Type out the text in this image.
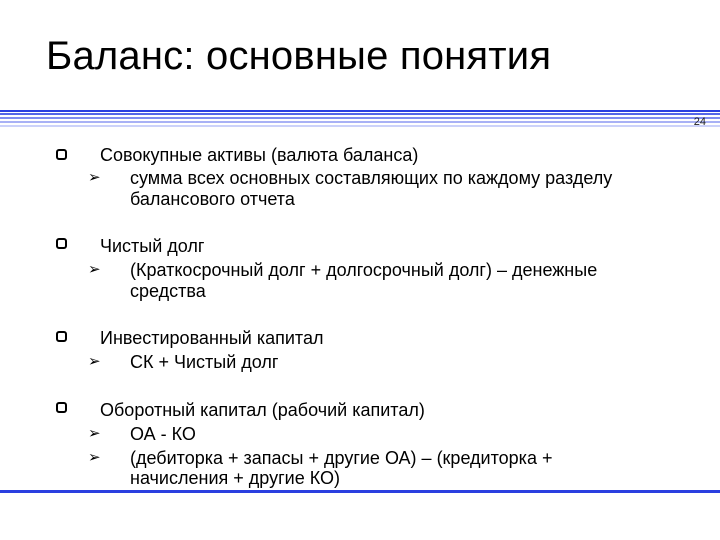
Баланс: основные понятия
24
Совокупные активы (валюта баланса)
➢ сумма всех основных составляющих по каждому разделу
балансового отчета
Чистый долг
➢ (Краткосрочный долг + долгосрочный долг) – денежные
средства
Инвестированный капитал
➢ СК + Чистый долг
Оборотный капитал (рабочий капитал)
➢ ОА - КО
➢ (дебиторка + запасы + другие ОА) – (кредиторка +
начисления + другие КО)
